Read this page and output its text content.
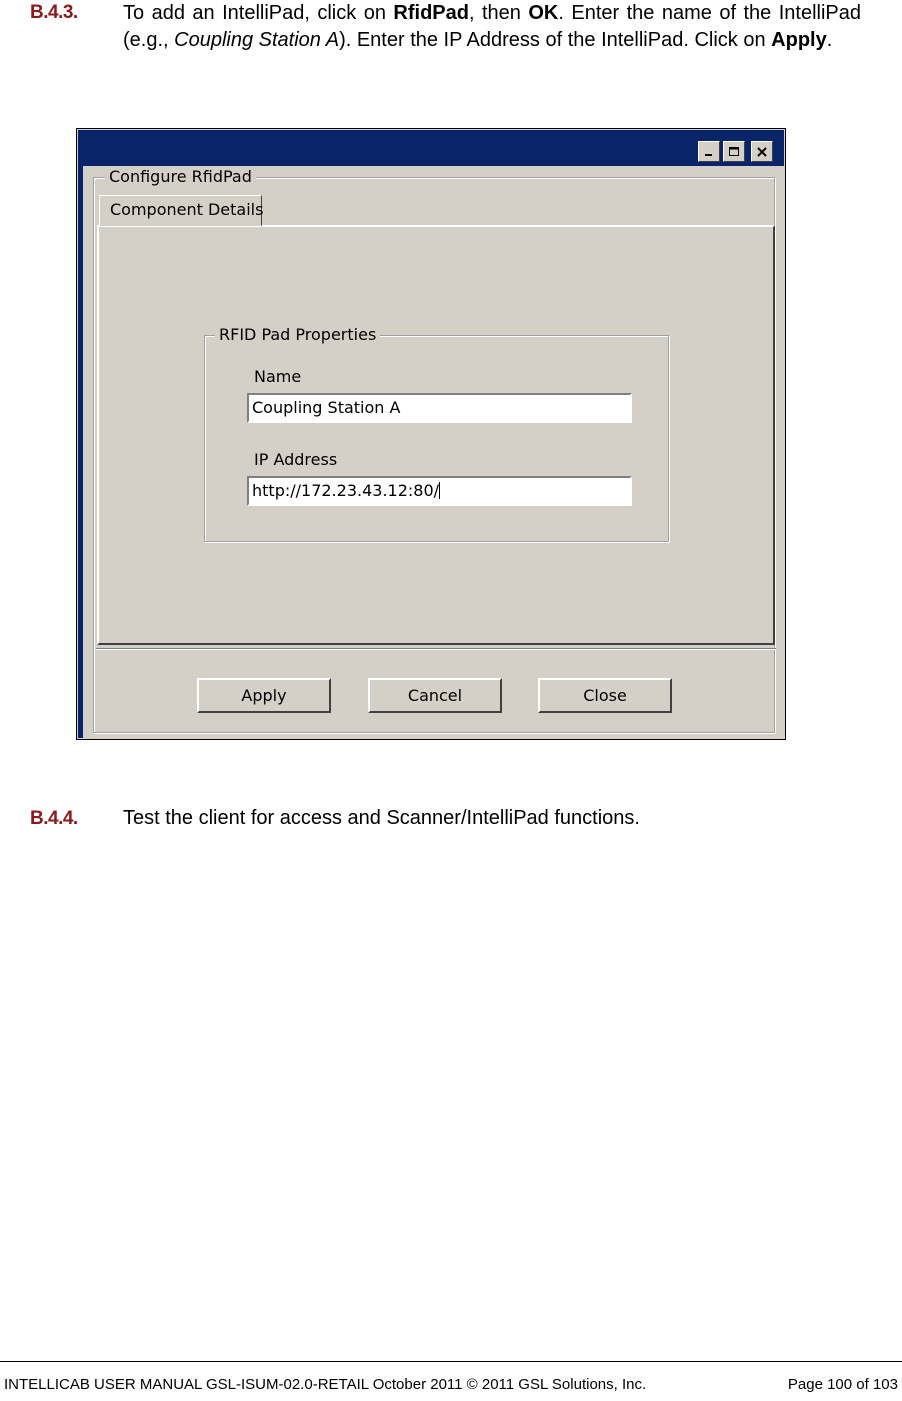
B.4.3. To add an IntelliPad, click on RfidPad, then OK. Enter the name of the IntelliPad (e.g., Coupling Station A). Enter the IP Address of the IntelliPad. Click on Apply.
Configure RfidPad
Component Details
RFID Pad Properties
Name
Coupling Station A
IP Address
http://172.23.43.12:80/
Apply	Cancel	Close
B.4.4. Test the client for access and Scanner/IntelliPad functions.
INTELLICAB USER MANUAL GSL-ISUM-02.0-RETAIL October 2011 © 2011 GSL Solutions, Inc.	Page 100 of 103
